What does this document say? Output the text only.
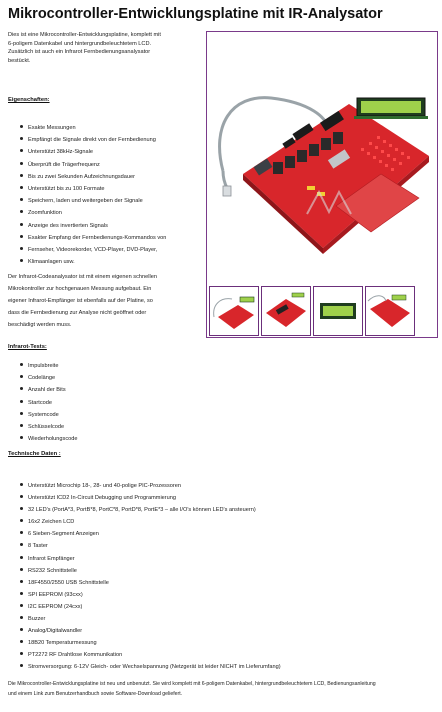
Mikrocontroller-Entwicklungsplatine mit IR-Analysator
Dies ist eine Mikrocontroller-Entwicklungsplatine, komplett mit
6-poligem Datenkabel und hintergrundbeleuchtetem LCD.
Zusätzlich ist auch ein Infrarot Fernbedienungsanalysator
bestückt.
Eigenschaften:
Exakte Messungen
Empfängt die Signale direkt von der Fernbedienung
Unterstützt 38kHz-Signale
Überprüft die Trägerfrequenz
Bis zu zwei Sekunden Aufzeichnungsdauer
Unterstützt bis zu 100 Formate
Speichern, laden und weitergeben der Signale
Zoomfunktion
Anzeige des invertierten Signals
Exakter Empfang der Fernbedienungs-Kommandos von
Fernseher, Videorekorder, VCD-Player, DVD-Player,
Klimaanlagen usw.
Der Infrarot-Codeanalysator ist mit einem eigenen schnellen
Mikrokontroller zur hochgenauen Messung aufgebaut. Ein
eigener Infrarot-Empfänger ist ebenfalls auf der Platine, so
dass die Fernbedienung zur Analyse nicht geöffnet oder
beschädigt werden muss.
Infrarot-Tests:
Impulsbreite
Codelänge
Anzahl der Bits
Startcode
Systemcode
Schlüsselcode
Wiederholungscode
Technische Daten :
Unterstützt Microchip 18-, 28- und 40-polige PIC-Prozessoren
Unterstützt ICD2 In-Circuit Debugging und Programmierung
32 LED's (PortA*3, PortB*8, PortC*8, PortD*8, PortE*3 – alle I/O's können LED's ansteuern)
16x2 Zeichen LCD
6 Sieben-Segment Anzeigen
8 Taster
Infrarot Empfänger
RS232 Schnittstelle
18F4550/2550 USB Schnittstelle
SPI EEPROM (93cxx)
I2C EEPROM (24cxx)
Buzzer
Analog/Digitalwandler
18B20 Temperaturmessung
PT2272 RF Drahtlose Kommunikation
Stromversorgung: 6-12V Gleich- oder Wechselspannung (Netzgerät ist leider NICHT im Lieferumfang)
Die Mikrocontroller-Entwicklungsplatine ist neu und unbenutzt. Sie wird komplett mit 6-poligem Datenkabel, hintergrundbeleuchtetem LCD, Bedienungsanleitung
und einem Link zum Benutzerhandbuch sowie Software-Download geliefert.
